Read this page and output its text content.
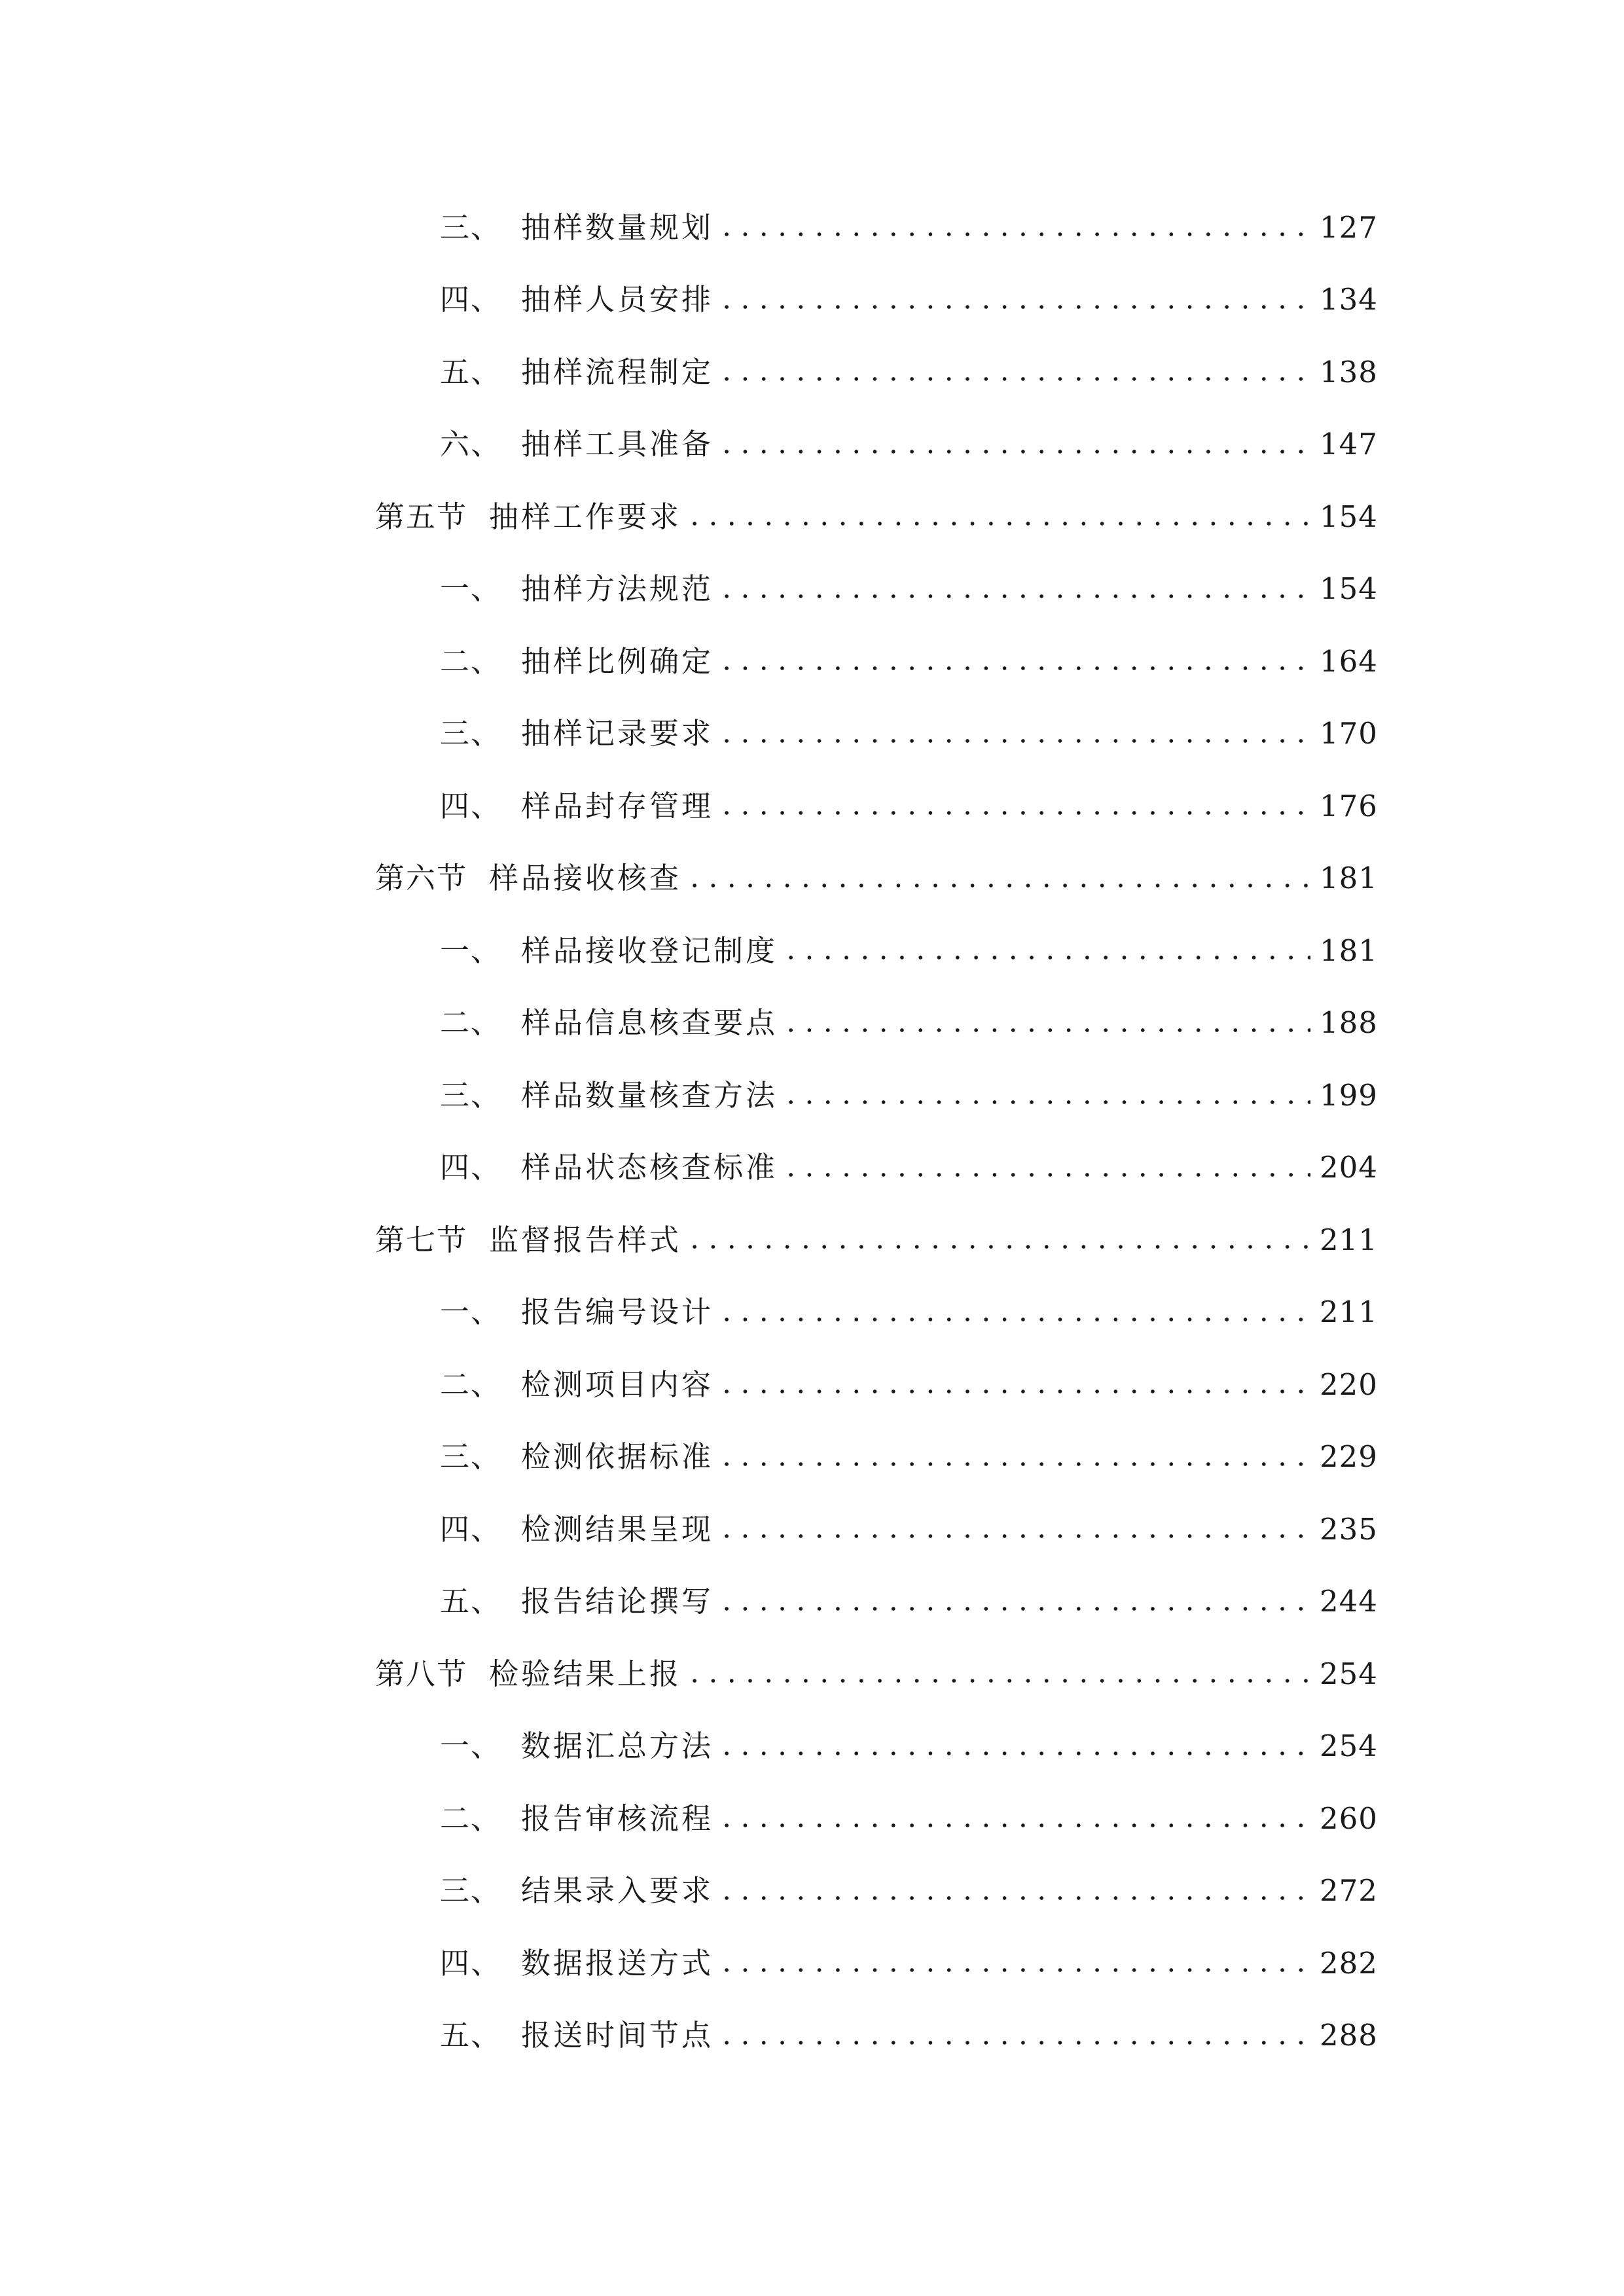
三、 抽样数量规划	127
四、 抽样人员安排	134
五、 抽样流程制定	138
六、 抽样工具准备	147
第五节 抽样工作要求	154
一、 抽样方法规范	154
二、 抽样比例确定	164
三、 抽样记录要求	170
四、 样品封存管理	176
第六节 样品接收核查	181
一、 样品接收登记制度	181
二、 样品信息核查要点	188
三、 样品数量核查方法	199
四、 样品状态核查标准	204
第七节 监督报告样式	211
一、 报告编号设计	211
二、 检测项目内容	220
三、 检测依据标准	229
四、 检测结果呈现	235
五、 报告结论撰写	244
第八节 检验结果上报	254
一、 数据汇总方法	254
二、 报告审核流程	260
三、 结果录入要求	272
四、 数据报送方式	282
五、 报送时间节点	288
